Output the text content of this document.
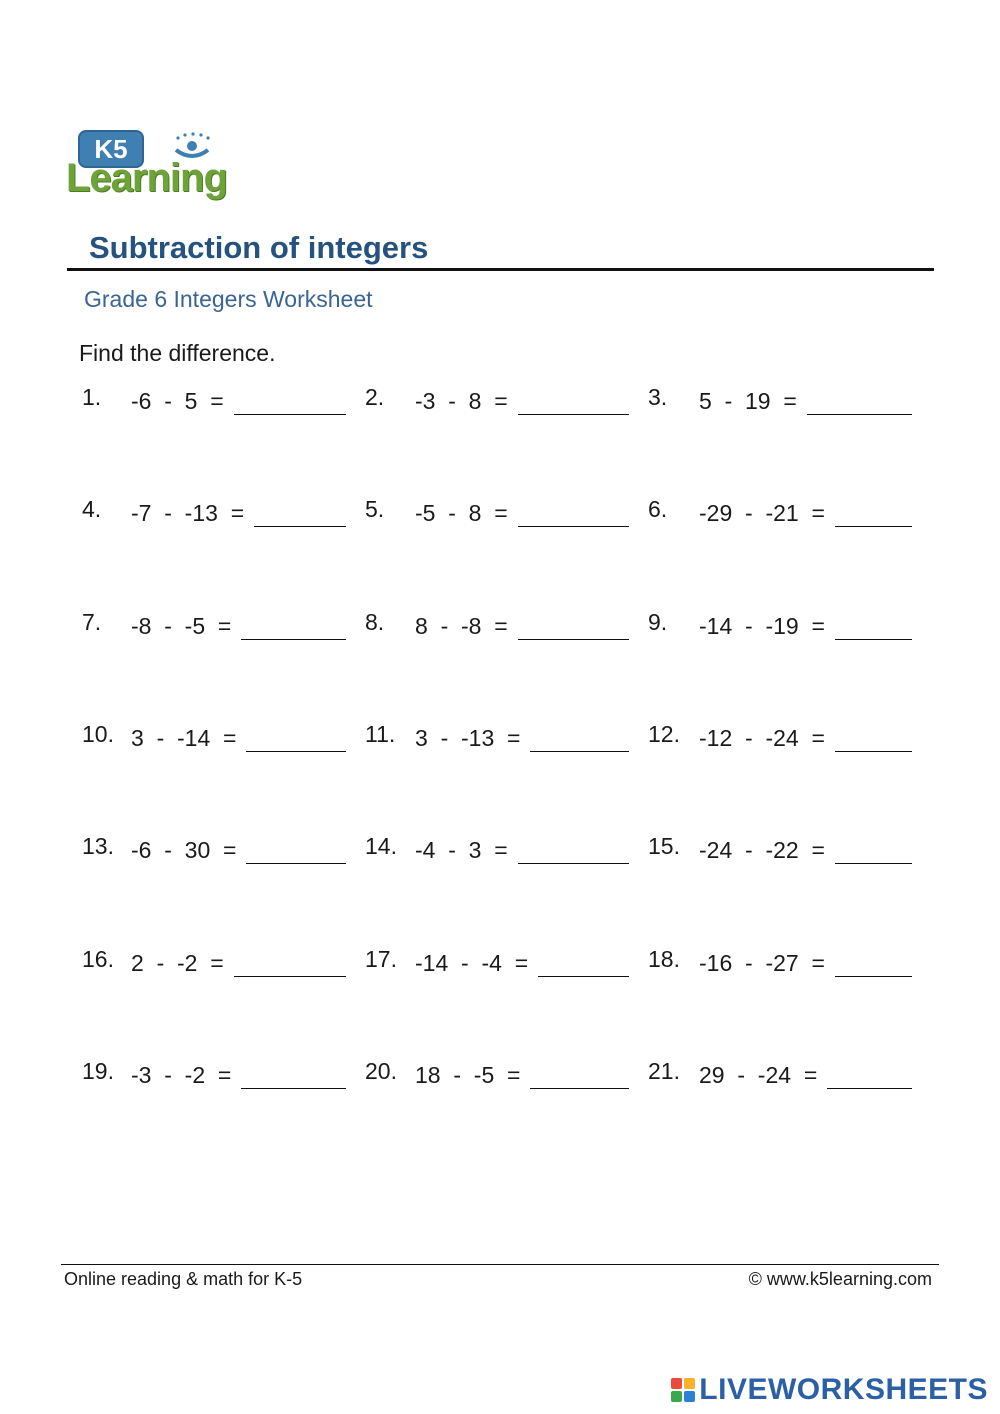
K5
Learning
Subtraction of integers
Grade 6 Integers Worksheet
Find the difference.
1. -6  -  5  =	2. -3  -  8  =	3. 5  -  19  =
4. -7  -  -13  =	5. -5  -  8  =	6. -29  -  -21  =
7. -8  -  -5  =	8. 8  -  -8  =	9. -14  -  -19  =
10. 3  -  -14  =	11. 3  -  -13  =	12. -12  -  -24  =
13. -6  -  30  =	14. -4  -  3  =	15. -24  -  -22  =
16. 2  -  -2  =	17. -14  -  -4  =	18. -16  -  -27  =
19. -3  -  -2  =	20. 18  -  -5  =	21. 29  -  -24  =
Online reading & math for K-5	© www.k5learning.com
LIVEWORKSHEETS
